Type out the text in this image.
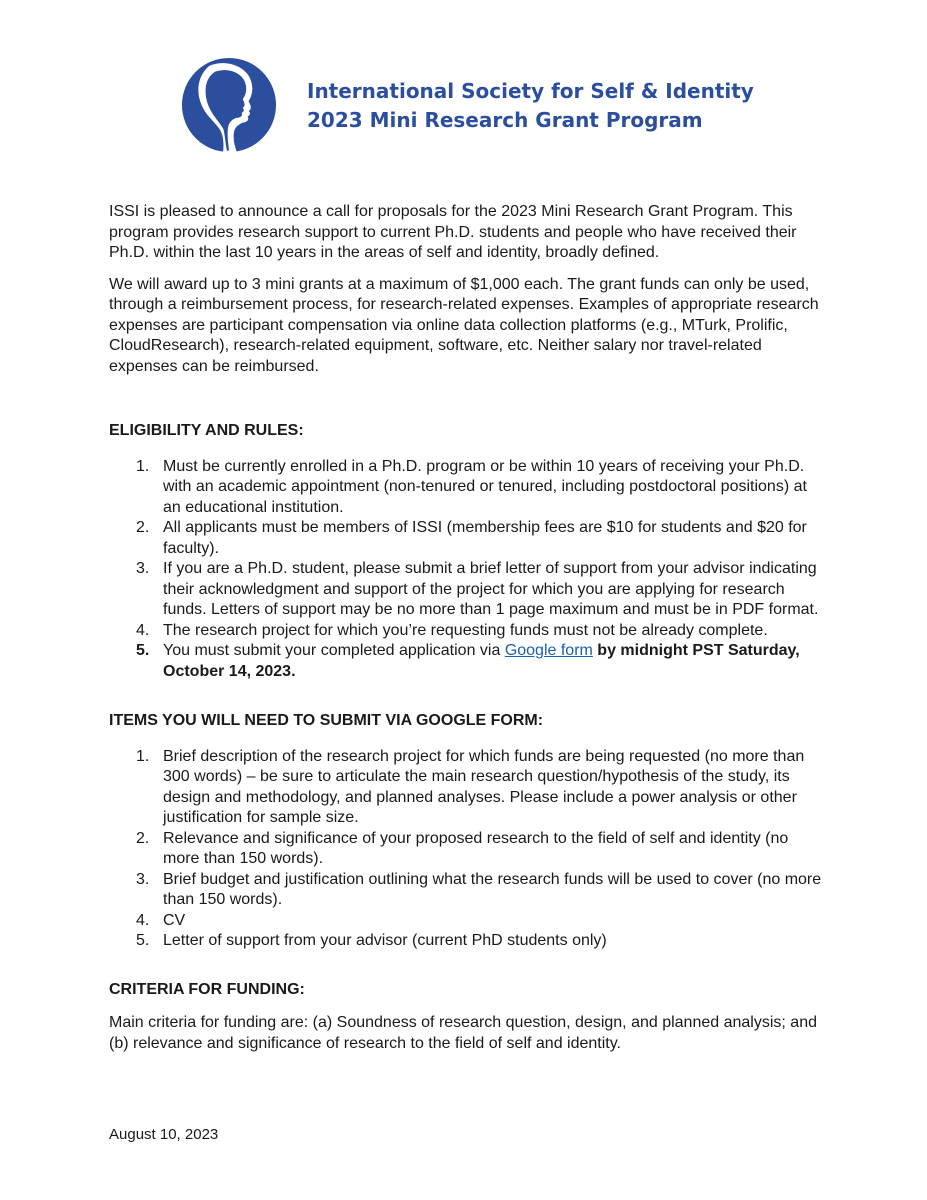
International Society for Self & Identity
2023 Mini Research Grant Program

ISSI is pleased to announce a call for proposals for the 2023 Mini Research Grant Program. This program provides research support to current Ph.D. students and people who have received their Ph.D. within the last 10 years in the areas of self and identity, broadly defined.

We will award up to 3 mini grants at a maximum of $1,000 each. The grant funds can only be used, through a reimbursement process, for research-related expenses. Examples of appropriate research expenses are participant compensation via online data collection platforms (e.g., MTurk, Prolific, CloudResearch), research-related equipment, software, etc. Neither salary nor travel-related expenses can be reimbursed.

ELIGIBILITY AND RULES:
1. Must be currently enrolled in a Ph.D. program or be within 10 years of receiving your Ph.D. with an academic appointment (non-tenured or tenured, including postdoctoral positions) at an educational institution.
2. All applicants must be members of ISSI (membership fees are $10 for students and $20 for faculty).
3. If you are a Ph.D. student, please submit a brief letter of support from your advisor indicating their acknowledgment and support of the project for which you are applying for research funds. Letters of support may be no more than 1 page maximum and must be in PDF format.
4. The research project for which you’re requesting funds must not be already complete.
5. You must submit your completed application via Google form by midnight PST Saturday, October 14, 2023.
ITEMS YOU WILL NEED TO SUBMIT VIA GOOGLE FORM:
1. Brief description of the research project for which funds are being requested (no more than 300 words) – be sure to articulate the main research question/hypothesis of the study, its design and methodology, and planned analyses. Please include a power analysis or other justification for sample size.
2. Relevance and significance of your proposed research to the field of self and identity (no more than 150 words).
3. Brief budget and justification outlining what the research funds will be used to cover (no more than 150 words).
4. CV
5. Letter of support from your advisor (current PhD students only)
CRITERIA FOR FUNDING:

Main criteria for funding are: (a) Soundness of research question, design, and planned analysis; and (b) relevance and significance of research to the field of self and identity.

August 10, 2023
